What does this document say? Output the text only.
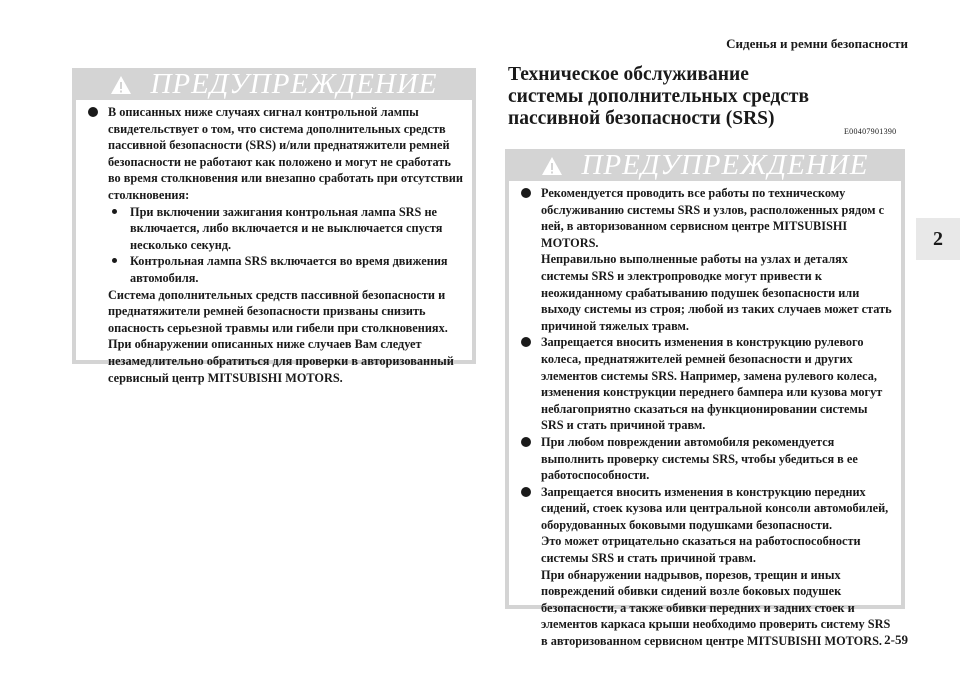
Сиденья и ремни безопасности
2
2-59
ПРЕДУПРЕЖДЕНИЕ
В описанных ниже случаях сигнал контрольной лампы свидетельствует о том, что система дополнительных средств пассивной безопасности (SRS) и/или преднатяжители ремней безопасности не работают как положено и могут не сработать во время столкновения или внезапно сработать при отсутствии столкновения:
При включении зажигания контрольная лампа SRS не включается, либо включается и не выключается спустя несколько секунд.
Контрольная лампа SRS включается во время движения автомобиля.
Система дополнительных средств пассивной безопасности и преднатяжители ремней безопасности призваны снизить опасность серьезной травмы или гибели при столкновениях.
При обнаружении описанных ниже случаев Вам следует незамедлительно обратиться для проверки в авторизованный сервисный центр MITSUBISHI MOTORS.
Техническое обслуживание системы дополнительных средств пассивной безопасности (SRS)
E00407901390
ПРЕДУПРЕЖДЕНИЕ
Рекомендуется проводить все работы по техническому обслуживанию системы SRS и узлов, расположенных рядом с ней, в авторизованном сервисном центре MITSUBISHI MOTORS.
Неправильно выполненные работы на узлах и деталях системы SRS и электропроводке могут привести к неожиданному срабатыванию подушек безопасности или выходу системы из строя; любой из таких случаев может стать причиной тяжелых травм.
Запрещается вносить изменения в конструкцию рулевого колеса, преднатяжителей ремней безопасности и других элементов системы SRS. Например, замена рулевого колеса, изменения конструкции переднего бампера или кузова могут неблагоприятно сказаться на функционировании системы SRS и стать причиной травм.
При любом повреждении автомобиля рекомендуется выполнить проверку системы SRS, чтобы убедиться в ее работоспособности.
Запрещается вносить изменения в конструкцию передних сидений, стоек кузова или центральной консоли автомобилей, оборудованных боковыми подушками безопасности.
Это может отрицательно сказаться на работоспособности системы SRS и стать причиной травм.
При обнаружении надрывов, порезов, трещин и иных повреждений обивки сидений возле боковых подушек безопасности, а также обивки передних и задних стоек и элементов каркаса крыши необходимо проверить систему SRS в авторизованном сервисном центре MITSUBISHI MOTORS.
